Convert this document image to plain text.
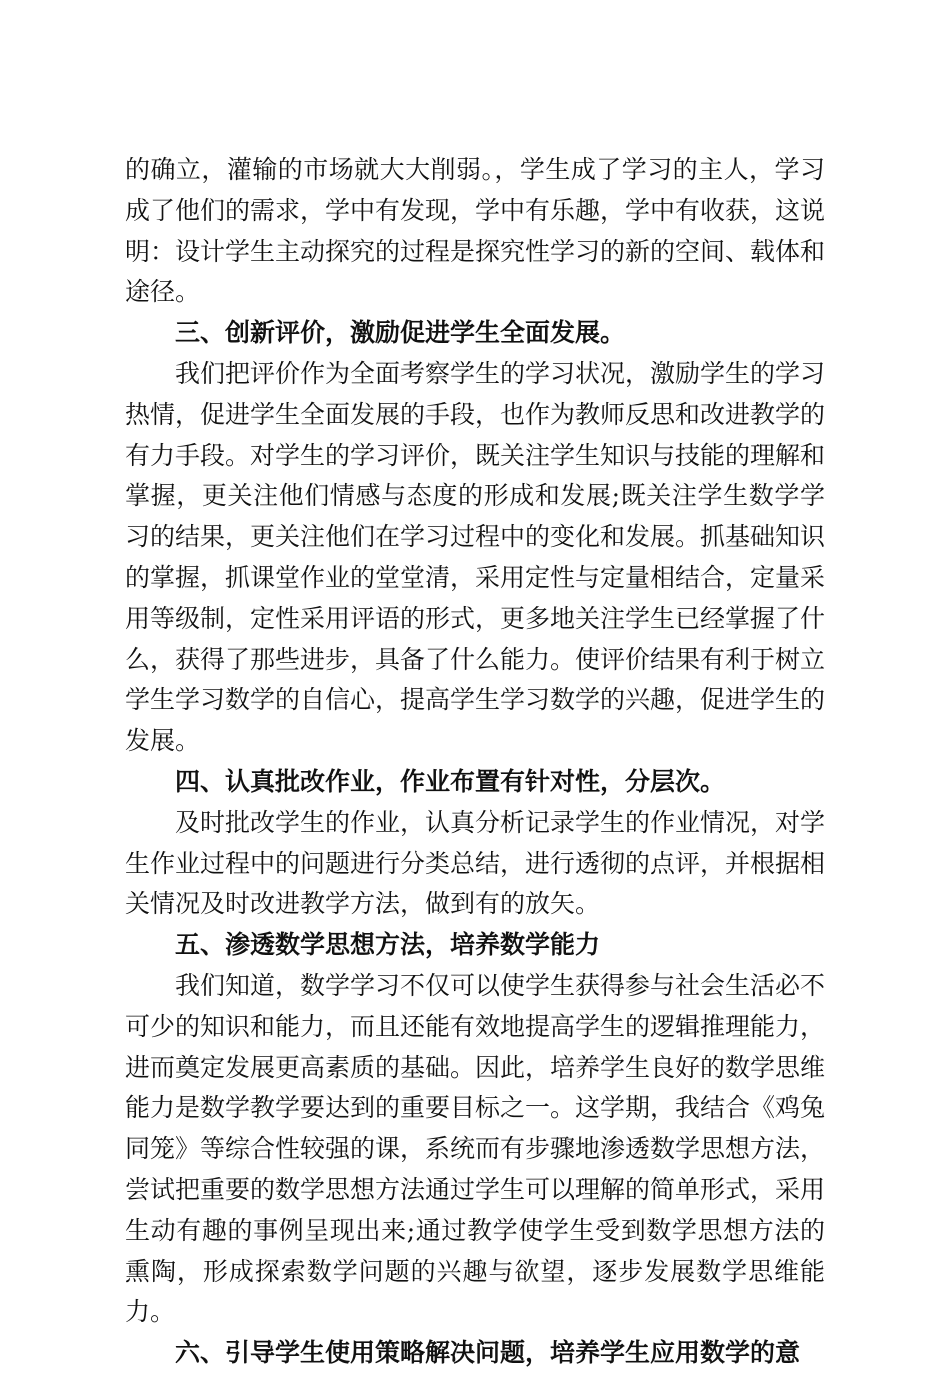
的确立，灌输的市场就大大削弱。，学生成了学习的主人，学习成了他们的需求，学中有发现，学中有乐趣，学中有收获，这说明：设计学生主动探究的过程是探究性学习的新的空间、载体和途径。

三、创新评价，激励促进学生全面发展。

我们把评价作为全面考察学生的学习状况，激励学生的学习热情，促进学生全面发展的手段，也作为教师反思和改进教学的有力手段。对学生的学习评价，既关注学生知识与技能的理解和掌握，更关注他们情感与态度的形成和发展;既关注学生数学学习的结果，更关注他们在学习过程中的变化和发展。抓基础知识的掌握，抓课堂作业的堂堂清，采用定性与定量相结合，定量采用等级制，定性采用评语的形式，更多地关注学生已经掌握了什么，获得了那些进步，具备了什么能力。使评价结果有利于树立学生学习数学的自信心，提高学生学习数学的兴趣，促进学生的发展。

四、认真批改作业，作业布置有针对性，分层次。

及时批改学生的作业，认真分析记录学生的作业情况，对学生作业过程中的问题进行分类总结，进行透彻的点评，并根据相关情况及时改进教学方法，做到有的放矢。

五、渗透数学思想方法，培养数学能力

我们知道，数学学习不仅可以使学生获得参与社会生活必不可少的知识和能力，而且还能有效地提高学生的逻辑推理能力，进而奠定发展更高素质的基础。因此，培养学生良好的数学思维能力是数学教学要达到的重要目标之一。这学期，我结合《鸡兔同笼》等综合性较强的课，系统而有步骤地渗透数学思想方法，尝试把重要的数学思想方法通过学生可以理解的简单形式，采用生动有趣的事例呈现出来;通过教学使学生受到数学思想方法的熏陶，形成探索数学问题的兴趣与欲望，逐步发展数学思维能力。

六、引导学生使用策略解决问题，培养学生应用数学的意
